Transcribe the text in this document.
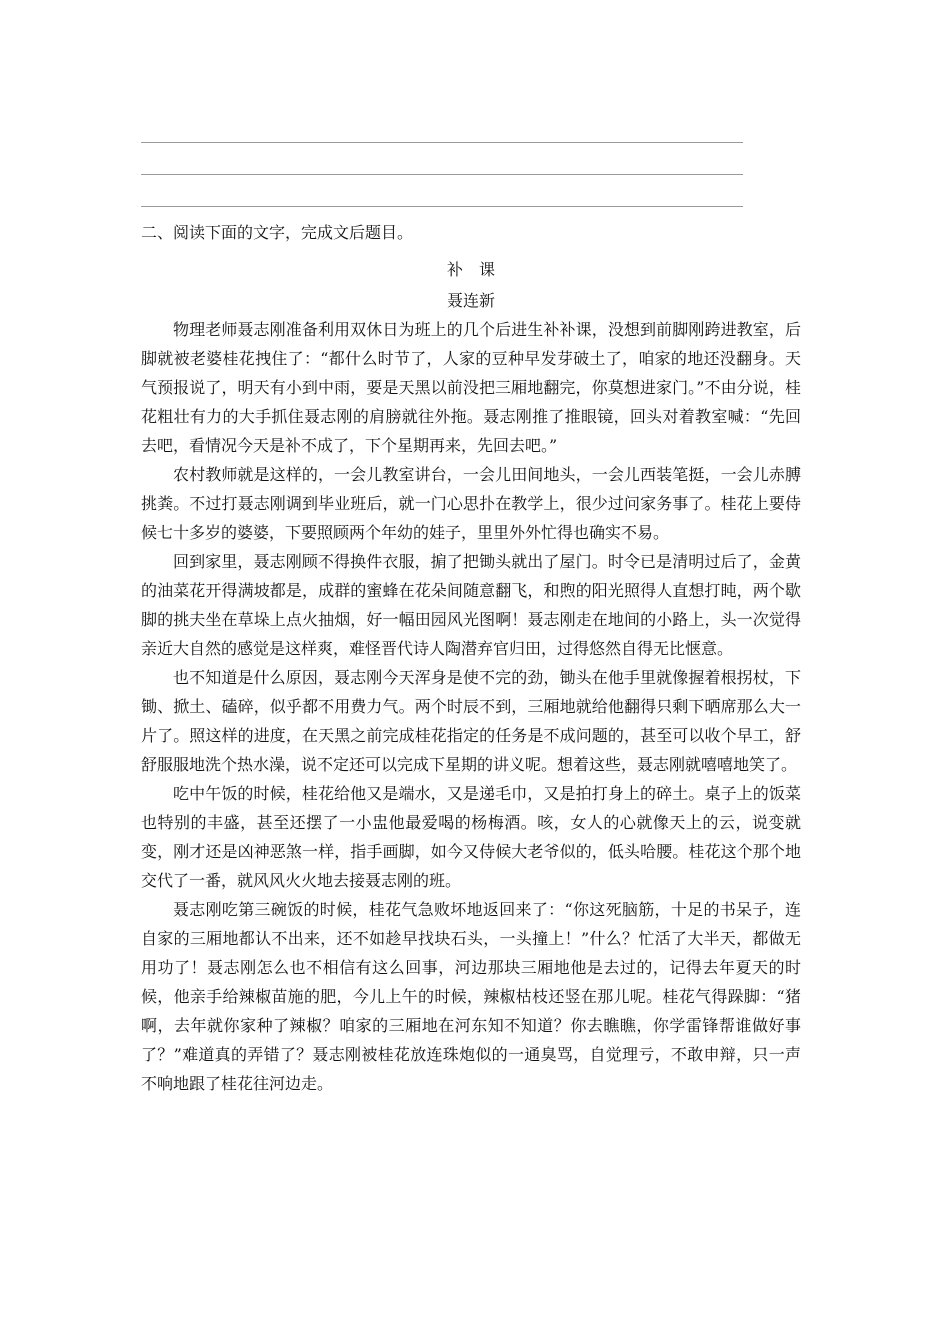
二、阅读下面的文字，完成文后题目。

补课

聂连新

物理老师聂志刚准备利用双休日为班上的几个后进生补补课，没想到前脚刚跨进教室，后脚就被老婆桂花拽住了：“都什么时节了，人家的豆种早发芽破土了，咱家的地还没翻身。天气预报说了，明天有小到中雨，要是天黑以前没把三厢地翻完，你莫想进家门。”不由分说，桂花粗壮有力的大手抓住聂志刚的肩膀就往外拖。聂志刚推了推眼镜，回头对着教室喊：“先回去吧，看情况今天是补不成了，下个星期再来，先回去吧。”

农村教师就是这样的，一会儿教室讲台，一会儿田间地头，一会儿西装笔挺，一会儿赤膊挑粪。不过打聂志刚调到毕业班后，就一门心思扑在教学上，很少过问家务事了。桂花上要侍候七十多岁的婆婆，下要照顾两个年幼的娃子，里里外外忙得也确实不易。

回到家里，聂志刚顾不得换件衣服，掮了把锄头就出了屋门。时令已是清明过后了，金黄的油菜花开得满坡都是，成群的蜜蜂在花朵间随意翻飞，和煦的阳光照得人直想打盹，两个歇脚的挑夫坐在草垛上点火抽烟，好一幅田园风光图啊！聂志刚走在地间的小路上，头一次觉得亲近大自然的感觉是这样爽，难怪晋代诗人陶潜弃官归田，过得悠然自得无比惬意。

也不知道是什么原因，聂志刚今天浑身是使不完的劲，锄头在他手里就像握着根拐杖，下锄、掀土、磕碎，似乎都不用费力气。两个时辰不到，三厢地就给他翻得只剩下晒席那么大一片了。照这样的进度，在天黑之前完成桂花指定的任务是不成问题的，甚至可以收个早工，舒舒服服地洗个热水澡，说不定还可以完成下星期的讲义呢。想着这些，聂志刚就嘻嘻地笑了。

吃中午饭的时候，桂花给他又是端水，又是递毛巾，又是拍打身上的碎土。桌子上的饭菜也特别的丰盛，甚至还摆了一小盅他最爱喝的杨梅酒。咳，女人的心就像天上的云，说变就变，刚才还是凶神恶煞一样，指手画脚，如今又侍候大老爷似的，低头哈腰。桂花这个那个地交代了一番，就风风火火地去接聂志刚的班。

聂志刚吃第三碗饭的时候，桂花气急败坏地返回来了：“你这死脑筋，十足的书呆子，连自家的三厢地都认不出来，还不如趁早找块石头，一头撞上！”什么？忙活了大半天，都做无用功了！聂志刚怎么也不相信有这么回事，河边那块三厢地他是去过的，记得去年夏天的时候，他亲手给辣椒苗施的肥，今儿上午的时候，辣椒枯枝还竖在那儿呢。桂花气得跺脚：“猪啊，去年就你家种了辣椒？咱家的三厢地在河东知不知道？你去瞧瞧，你学雷锋帮谁做好事了？”难道真的弄错了？聂志刚被桂花放连珠炮似的一通臭骂，自觉理亏，不敢申辩，只一声不响地跟了桂花往河边走。
